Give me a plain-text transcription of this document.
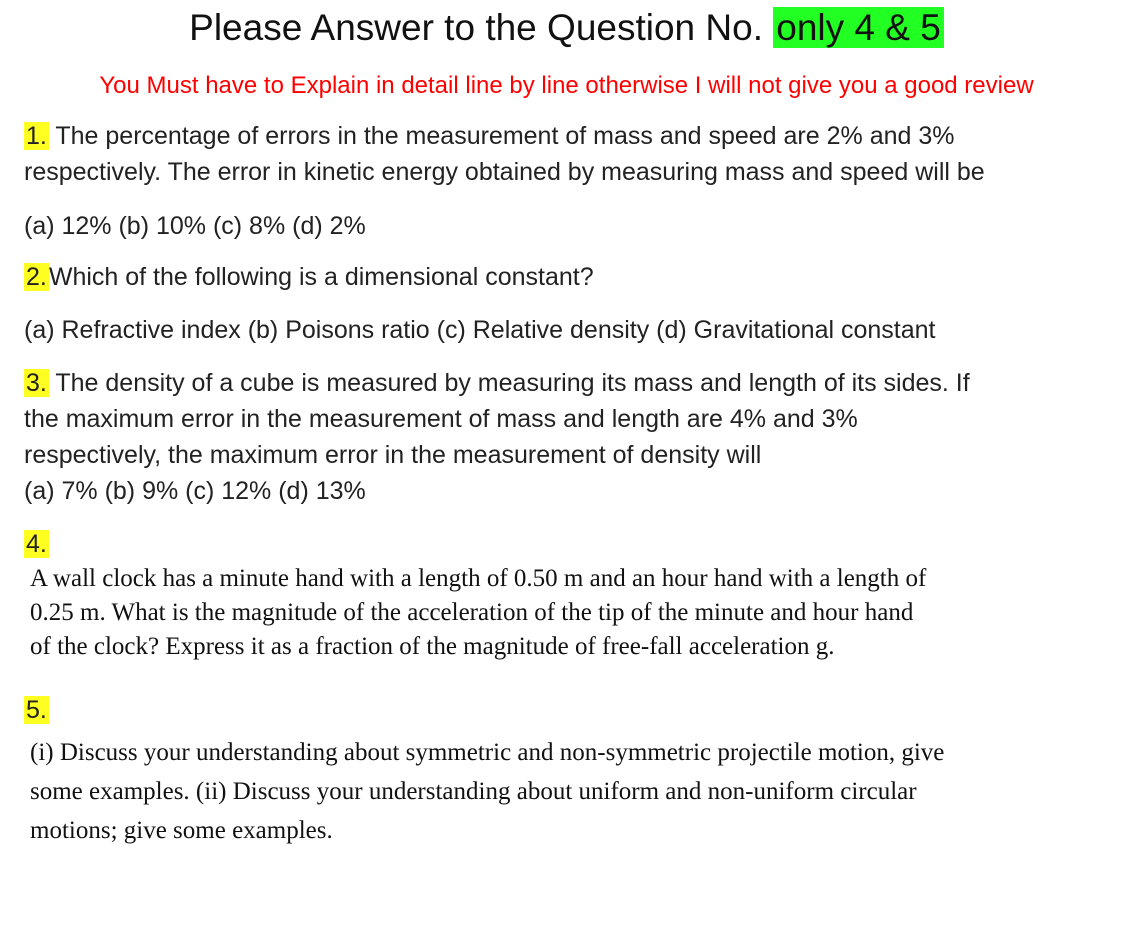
Please Answer to the Question No. only 4 & 5
You Must have to Explain in detail line by line otherwise I will not give you a good review

1. The percentage of errors in the measurement of mass and speed are 2% and 3%

respectively. The error in kinetic energy obtained by measuring mass and speed will be

(a) 12% (b) 10% (c) 8% (d) 2%

2.Which of the following is a dimensional constant?

(a) Refractive index (b) Poisons ratio (c) Relative density (d) Gravitational constant

3. The density of a cube is measured by measuring its mass and length of its sides. If

the maximum error in the measurement of mass and length are 4% and 3%

respectively, the maximum error in the measurement of density will

(a) 7% (b) 9% (c) 12% (d) 13%

4.

A wall clock has a minute hand with a length of 0.50 m and an hour hand with a length of

0.25 m. What is the magnitude of the acceleration of the tip of the minute and hour hand

of the clock? Express it as a fraction of the magnitude of free-fall acceleration g.

5.

(i) Discuss your understanding about symmetric and non-symmetric projectile motion, give

some examples. (ii) Discuss your understanding about uniform and non-uniform circular

motions; give some examples.
